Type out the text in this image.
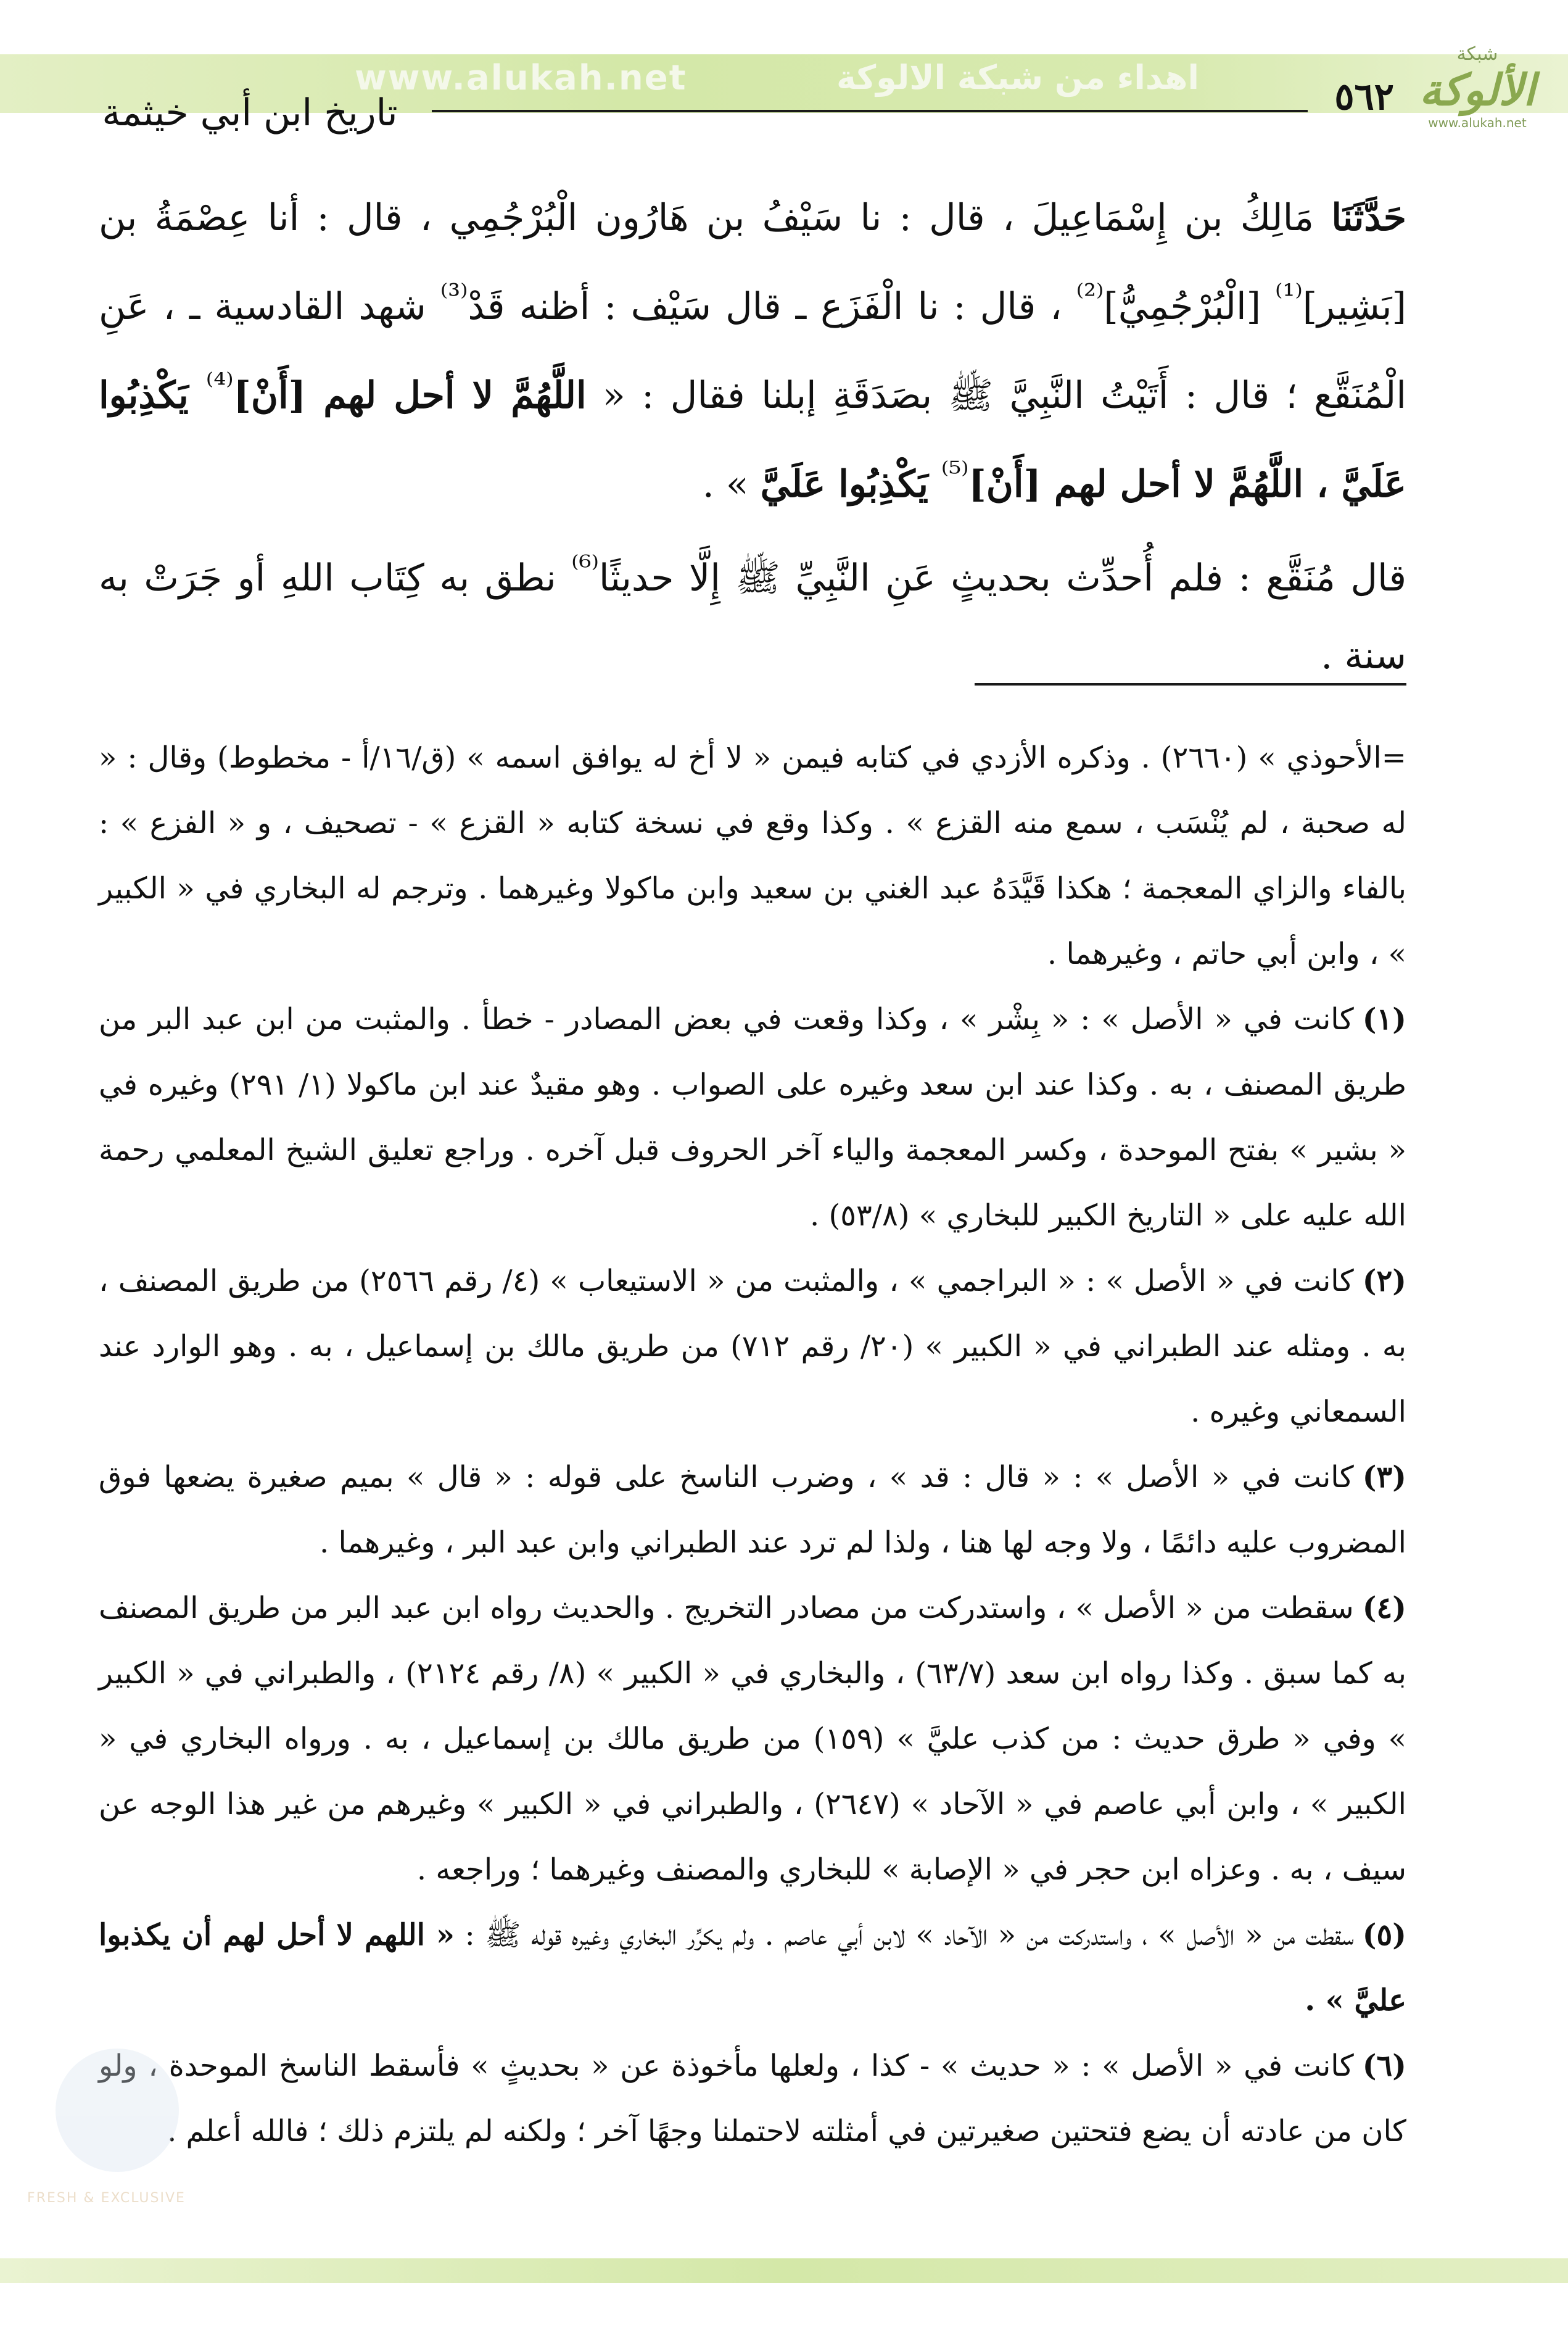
www.alukah.net	اهداء من شبكة الالوكة
شبكة
الألوكة
www.alukah.net
٥٦٢
تاريخ ابن أبي خيثمة

حَدَّثَنَا مَالِكُ بن إِسْمَاعِيلَ ، قال : نا سَيْفُ بن هَارُون الْبُرْجُمِي ، قال : أنا عِصْمَةُ بن [بَشِير]$^{^{(1)}}$ [الْبُرْجُمِيُّ]$^{^{(2)}}$ ، قال : نا الْفَزَع ـ قال سَيْف : أظنه قَدْ$^{^{(3)}}$ شهد القادسية ـ ، عَنِ الْمُنَقَّع ؛ قال : أَتَيْتُ النَّبِيَّ ﷺ بصَدَقَةِ إبلنا فقال : « اللَّهُمَّ لا أحل لهم [أَنْ]$^{^{(4)}}$ يَكْذِبُوا عَلَيَّ ، اللَّهُمَّ لا أحل لهم [أَنْ]$^{^{(5)}}$ يَكْذِبُوا عَلَيَّ » .

قال مُنَقَّع : فلم أُحدِّث بحديثٍ عَنِ النَّبِيِّ ﷺ إِلَّا حديثًا$^{^{(6)}}$ نطق به كِتَاب اللهِ أو جَرَتْ به سنة .

=الأحوذي » (٢٦٦٠) . وذكره الأزدي في كتابه فيمن « لا أخ له يوافق اسمه » (ق/١٦/أ - مخطوط) وقال : « له صحبة ، لم يُنْسَب ، سمع منه القزع » . وكذا وقع في نسخة كتابه « القزع » - تصحيف ، و « الفزع » : بالفاء والزاي المعجمة ؛ هكذا قَيَّدَهُ عبد الغني بن سعيد وابن ماكولا وغيرهما . وترجم له البخاري في « الكبير » ، وابن أبي حاتم ، وغيرهما .

(١)كانت في « الأصل » : « بِشْر » ، وكذا وقعت في بعض المصادر - خطأ . والمثبت من ابن عبد البر من طريق المصنف ، به . وكذا عند ابن سعد وغيره على الصواب . وهو مقيدٌ عند ابن ماكولا (١/ ٢٩١) وغيره في « بشير » بفتح الموحدة ، وكسر المعجمة والياء آخر الحروف قبل آخره . وراجع تعليق الشيخ المعلمي رحمة الله عليه على « التاريخ الكبير للبخاري » (٥٣/٨) .

(٢)كانت في « الأصل » : « البراجمي » ، والمثبت من « الاستيعاب » (٤/ رقم ٢٥٦٦) من طريق المصنف ، به . ومثله عند الطبراني في « الكبير » (٢٠/ رقم ٧١٢) من طريق مالك بن إسماعيل ، به . وهو الوارد عند السمعاني وغيره .

(٣)كانت في « الأصل » : « قال : قد » ، وضرب الناسخ على قوله : « قال » بميم صغيرة يضعها فوق المضروب عليه دائمًا ، ولا وجه لها هنا ، ولذا لم ترد عند الطبراني وابن عبد البر ، وغيرهما .

(٤)سقطت من « الأصل » ، واستدركت من مصادر التخريج . والحديث رواه ابن عبد البر من طريق المصنف به كما سبق . وكذا رواه ابن سعد (٦٣/٧) ، والبخاري في « الكبير » (٨/ رقم ٢١٢٤) ، والطبراني في « الكبير » وفي « طرق حديث : من كذب عليَّ » (١٥٩) من طريق مالك بن إسماعيل ، به . ورواه البخاري في « الكبير » ، وابن أبي عاصم في « الآحاد » (٢٦٤٧) ، والطبراني في « الكبير » وغيرهم من غير هذا الوجه عن سيف ، به . وعزاه ابن حجر في « الإصابة » للبخاري والمصنف وغيرهما ؛ وراجعه .

(٥)سقطت من « الأصل » ، واستدركت من « الآحاد » لابن أبي عاصم . ولم يكرِّر البخاري وغيره قوله ﷺ : « اللهم لا أحل لهم أن يكذبوا عليَّ » .

(٦)كانت في « الأصل » : « حديث » - كذا ، ولعلها مأخوذة عن « بحديثٍ » فأسقط الناسخ الموحدة ، ولو كان من عادته أن يضع فتحتين صغيرتين في أمثلته لاحتملنا وجهًا آخر ؛ ولكنه لم يلتزم ذلك ؛ فالله أعلم .

FRESH & EXCLUSIVE
